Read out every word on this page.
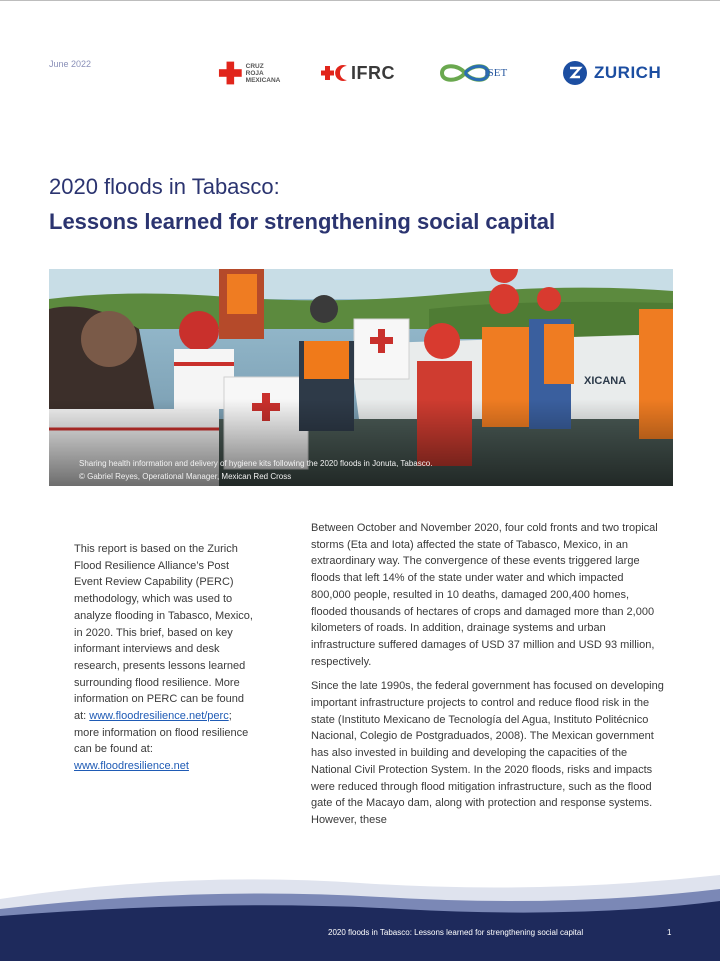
June 2022	CRUZ ROJA
MEXICANA	IFRC	ISET	ZURICH
2020 floods in Tabasco:
Lessons learned for strengthening social capital
Sharing health information and delivery of hygiene kits following the 2020 floods in Jonuta, Tabasco.
© Gabriel Reyes, Operational Manager, Mexican Red Cross
This report is based on the Zurich Flood Resilience Alliance’s Post Event Review Capability (PERC) methodology, which was used to analyze flooding in Tabasco, Mexico, in 2020. This brief, based on key informant interviews and desk research, presents lessons learned surrounding flood resilience. More information on PERC can be found at: www.floodresilience.net/perc; more information on flood resilience can be found at: www.floodresilience.net

Between October and November 2020, four cold fronts and two tropical storms (Eta and Iota) affected the state of Tabasco, Mexico, in an extraordinary way. The convergence of these events triggered large floods that left 14% of the state under water and which impacted 800,000 people, resulted in 10 deaths, damaged 200,400 homes, flooded thousands of hectares of crops and damaged more than 2,000 kilometers of roads. In addition, drainage systems and urban infrastructure suffered damages of USD 37 million and USD 93 million, respectively.

Since the late 1990s, the federal government has focused on developing important infrastructure projects to control and reduce flood risk in the state (Instituto Mexicano de Tecnología del Agua, Instituto Politécnico Nacional, Colegio de Postgraduados, 2008). The Mexican government has also invested in building and developing the capacities of the National Civil Protection System. In the 2020 floods, risks and impacts were reduced through flood mitigation infrastructure, such as the flood gate of the Macayo dam, along with protection and response systems. However, these

2020 floods in Tabasco: Lessons learned for strengthening social capital	1
